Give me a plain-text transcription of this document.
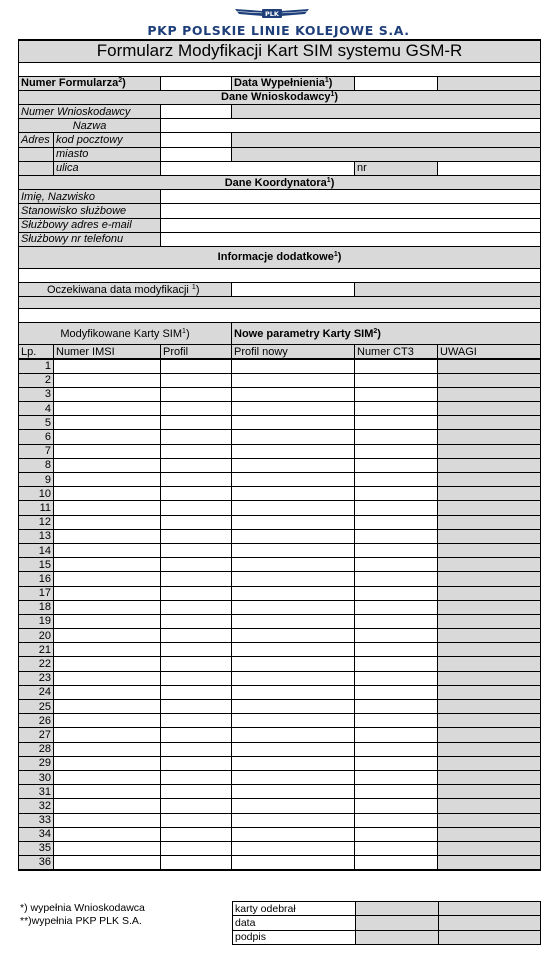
PLK
PKP POLSKIE LINIE KOLEJOWE S.A.
Formularz Modyfikacji Kart SIM systemu GSM-R					

Numer Formularza$^2$)			Data Wypełnienia$^1$)		
Dane Wnioskodawcy$^1$)					
Numer Wnioskodawcy					
Nazwa					
Adres	kod pocztowy				
	miasto				
	ulica			nr	
Dane Koordynatora$^1$)					
Imię, Nazwisko					
Stanowisko służbowe					
Służbowy adres e-mail					
Służbowy nr telefonu					
Informacje dodatkowe$^1$)					

Oczekiwana data modyfikacji $^1$)					

Modyfikowane Karty SIM$^1$)			Nowe parametry Karty SIM$^2$)		
Lp.	Numer IMSI	Profil	Profil nowy	Numer CT3	UWAGI
1					
2					
3					
4					
5					
6					
7					
8					
9					
10					
11					
12					
13					
14					
15					
16					
17					
18					
19					
20					
21					
22					
23					
24					
25					
26					
27					
28					
29					
30					
31					
32					
33					
34					
35					
36					
*) wypełnia Wnioskodawca
**)wypełnia PKP PLK S.A.
karty odebrał		
data		
podpis		
